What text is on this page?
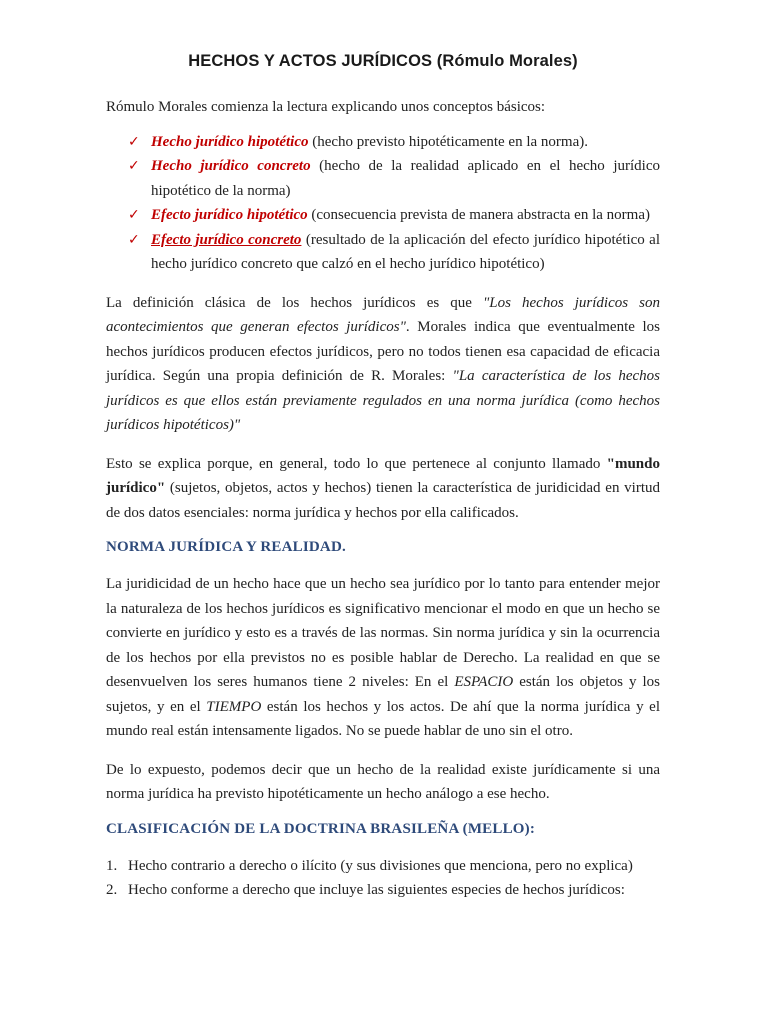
HECHOS Y ACTOS JURÍDICOS (Rómulo Morales)

Rómulo Morales comienza la lectura explicando unos conceptos básicos:

✓ Hecho jurídico hipotético (hecho previsto hipotéticamente en la norma).
✓ Hecho jurídico concreto (hecho de la realidad aplicado en el hecho jurídico hipotético de la norma)
✓ Efecto jurídico hipotético (consecuencia prevista de manera abstracta en la norma)
✓ Efecto jurídico concreto (resultado de la aplicación del efecto jurídico hipotético al hecho jurídico concreto que calzó en el hecho jurídico hipotético)

La definición clásica de los hechos jurídicos es que "Los hechos jurídicos son acontecimientos que generan efectos jurídicos". Morales indica que eventualmente los hechos jurídicos producen efectos jurídicos, pero no todos tienen esa capacidad de eficacia jurídica. Según una propia definición de R. Morales: "La característica de los hechos jurídicos es que ellos están previamente regulados en una norma jurídica (como hechos jurídicos hipotéticos)"

Esto se explica porque, en general, todo lo que pertenece al conjunto llamado "mundo jurídico" (sujetos, objetos, actos y hechos) tienen la característica de juridicidad en virtud de dos datos esenciales: norma jurídica y hechos por ella calificados.

NORMA JURÍDICA Y REALIDAD.

La juridicidad de un hecho hace que un hecho sea jurídico por lo tanto para entender mejor la naturaleza de los hechos jurídicos es significativo mencionar el modo en que un hecho se convierte en jurídico y esto es a través de las normas. Sin norma jurídica y sin la ocurrencia de los hechos por ella previstos no es posible hablar de Derecho. La realidad en que se desenvuelven los seres humanos tiene 2 niveles: En el ESPACIO están los objetos y los sujetos, y en el TIEMPO están los hechos y los actos. De ahí que la norma jurídica y el mundo real están intensamente ligados. No se puede hablar de uno sin el otro.

De lo expuesto, podemos decir que un hecho de la realidad existe jurídicamente si una norma jurídica ha previsto hipotéticamente un hecho análogo a ese hecho.

CLASIFICACIÓN DE LA DOCTRINA BRASILEÑA (MELLO):
1. Hecho contrario a derecho o ilícito (y sus divisiones que menciona, pero no explica)
2. Hecho conforme a derecho que incluye las siguientes especies de hechos jurídicos:
